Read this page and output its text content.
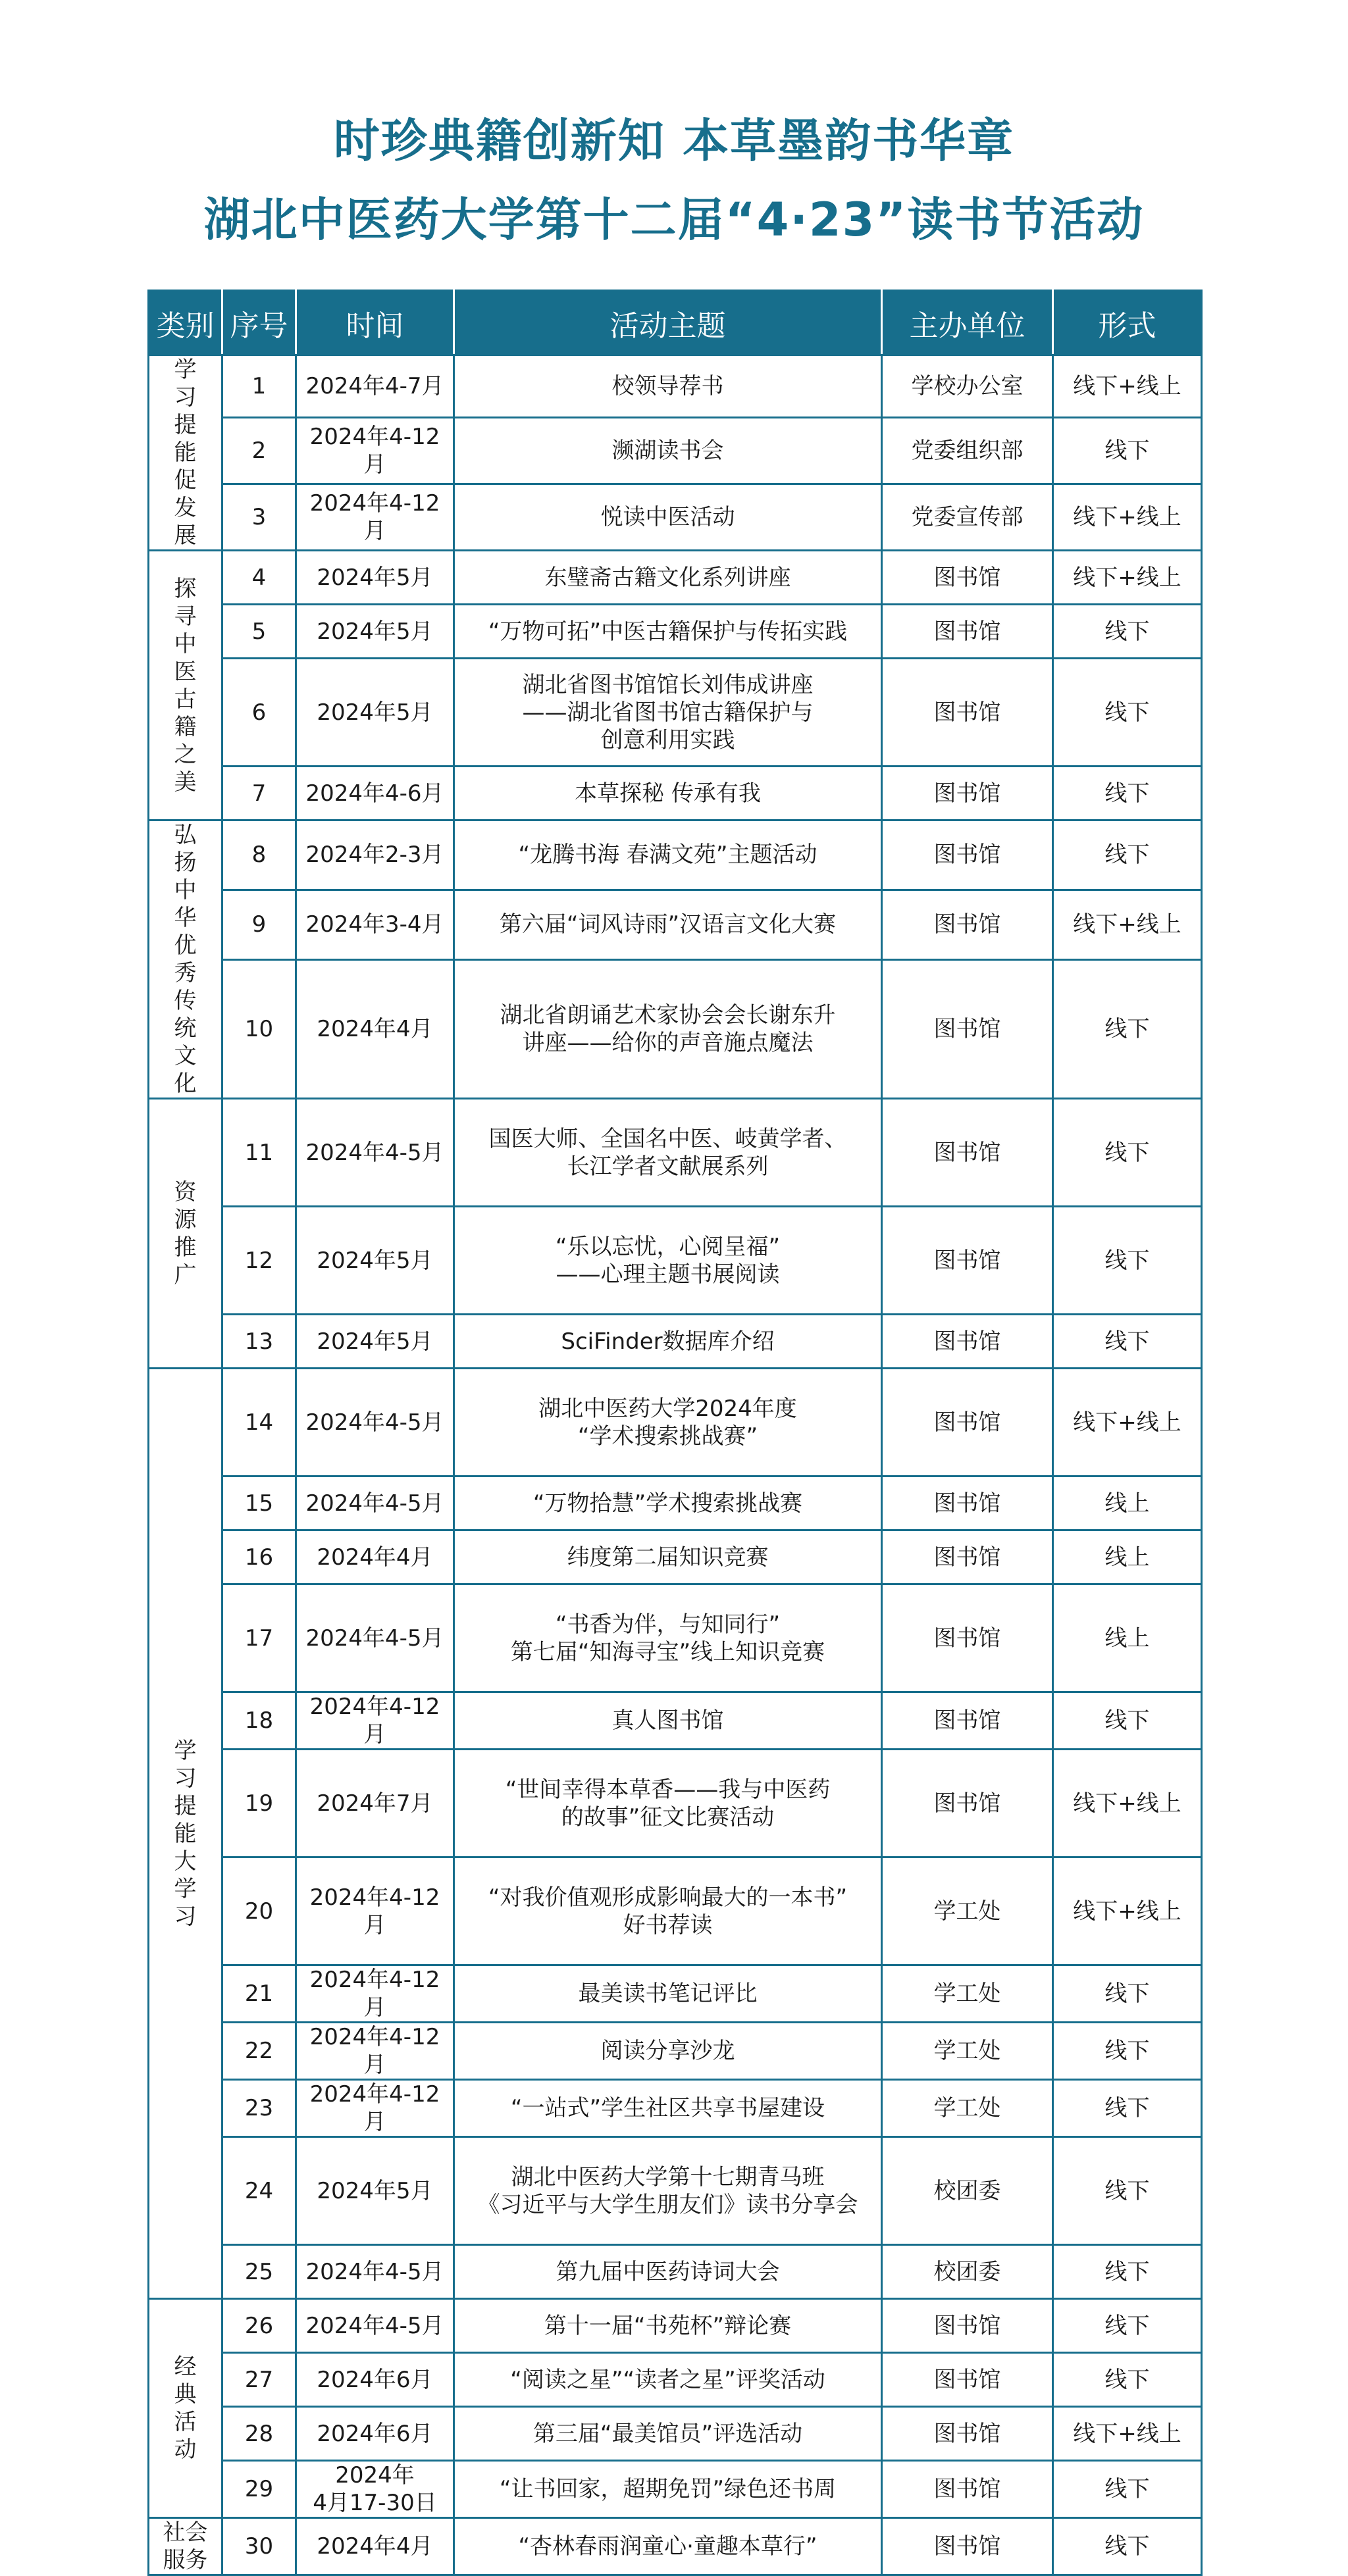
时珍典籍创新知 本草墨韵书华章
湖北中医药大学第十二届“4·23”读书节活动
类别	序号	时间	活动主题	主办单位	形式

学习提能促发展	1	2024年4-7月	校领导荐书	学校办公室	线下+线上
	2	2024年4-12月	濒湖读书会	党委组织部	线下
	3	2024年4-12月	悦读中医活动	党委宣传部	线下+线上

探寻中医古籍之美	4	2024年5月	东璧斋古籍文化系列讲座	图书馆	线下+线上
	5	2024年5月	“万物可拓”中医古籍保护与传拓实践	图书馆	线下
	6	2024年5月	湖北省图书馆馆长刘伟成讲座
——湖北省图书馆古籍保护与
创意利用实践	图书馆	线下
	7	2024年4-6月	本草探秘 传承有我	图书馆	线下

弘扬中华优秀传统文化	8	2024年2-3月	“龙腾书海 春满文苑”主题活动	图书馆	线下
	9	2024年3-4月	第六届“词风诗雨”汉语言文化大赛	图书馆	线下+线上
	10	2024年4月	湖北省朗诵艺术家协会会长谢东升
讲座——给你的声音施点魔法	图书馆	线下

资源推广	11	2024年4-5月	国医大师、全国名中医、岐黄学者、
长江学者文献展系列	图书馆	线下
	12	2024年5月	“乐以忘忧，心阅呈福”
——心理主题书展阅读	图书馆	线下
	13	2024年5月	SciFinder数据库介绍	图书馆	线下

学习提能大学习	14	2024年4-5月	湖北中医药大学2024年度
“学术搜索挑战赛”	图书馆	线下+线上
	15	2024年4-5月	“万物拾慧”学术搜索挑战赛	图书馆	线上
	16	2024年4月	纬度第二届知识竞赛	图书馆	线上
	17	2024年4-5月	“书香为伴，与知同行”
第七届“知海寻宝”线上知识竞赛	图书馆	线上
	18	2024年4-12月	真人图书馆	图书馆	线下
	19	2024年7月	“世间幸得本草香——我与中医药
的故事”征文比赛活动	图书馆	线下+线上
	20	2024年4-12月	“对我价值观形成影响最大的一本书”
好书荐读	学工处	线下+线上
	21	2024年4-12月	最美读书笔记评比	学工处	线下
	22	2024年4-12月	阅读分享沙龙	学工处	线下
	23	2024年4-12月	“一站式”学生社区共享书屋建设	学工处	线下
	24	2024年5月	湖北中医药大学第十七期青马班
《习近平与大学生朋友们》读书分享会	校团委	线下
	25	2024年4-5月	第九届中医药诗词大会	校团委	线下

经典活动	26	2024年4-5月	第十一届“书苑杯”辩论赛	图书馆	线下
	27	2024年6月	“阅读之星”“读者之星”评奖活动	图书馆	线下
	28	2024年6月	第三届“最美馆员”评选活动	图书馆	线下+线上
	29	2024年
4月17-30日	“让书回家，超期免罚”绿色还书周	图书馆	线下

社会服务	30	2024年4月	“杏林春雨润童心·童趣本草行”	图书馆	线下
